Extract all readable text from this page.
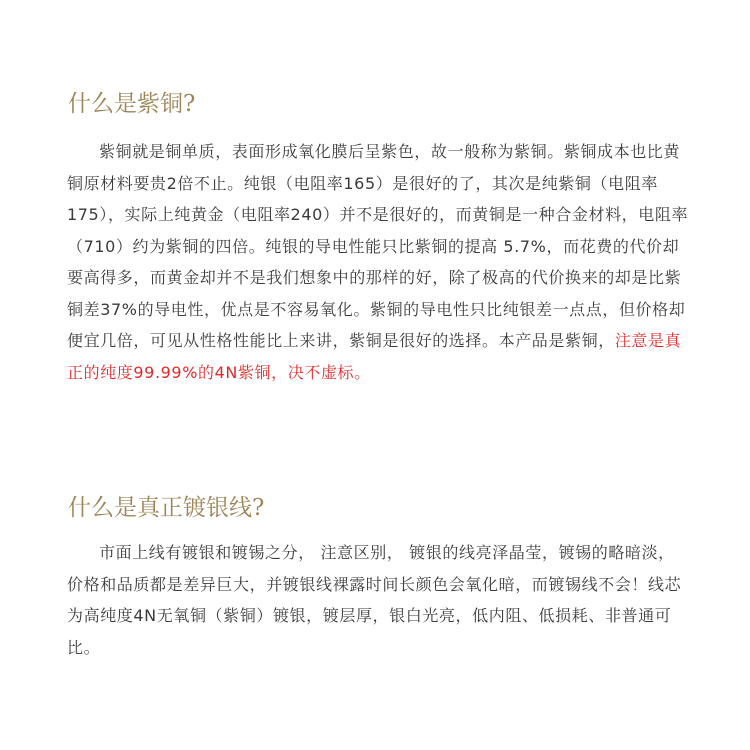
什么是紫铜?

紫铜就是铜单质，表面形成氧化膜后呈紫色，故一般称为紫铜。紫铜成本也比黄铜原材料要贵2倍不止。纯银（电阻率165）是很好的了，其次是纯紫铜（电阻率175），实际上纯黄金（电阻率240）并不是很好的，而黄铜是一种合金材料，电阻率（710）约为紫铜的四倍。纯银的导电性能只比紫铜的提高 5.7%，而花费的代价却要高得多，而黄金却并不是我们想象中的那样的好，除了极高的代价换来的却是比紫铜差37%的导电性，优点是不容易氧化。紫铜的导电性只比纯银差一点点，但价格却便宜几倍，可见从性格性能比上来讲，紫铜是很好的选择。本产品是紫铜，注意是真正的纯度99.99%的4N紫铜，决不虚标。

什么是真正镀银线?

市面上线有镀银和镀锡之分， 注意区别， 镀银的线亮泽晶莹，镀锡的略暗淡，价格和品质都是差异巨大，并镀银线裸露时间长颜色会氧化暗，而镀锡线不会！线芯为高纯度4N无氧铜（紫铜）镀银，镀层厚，银白光亮，低内阻、低损耗、非普通可比。
